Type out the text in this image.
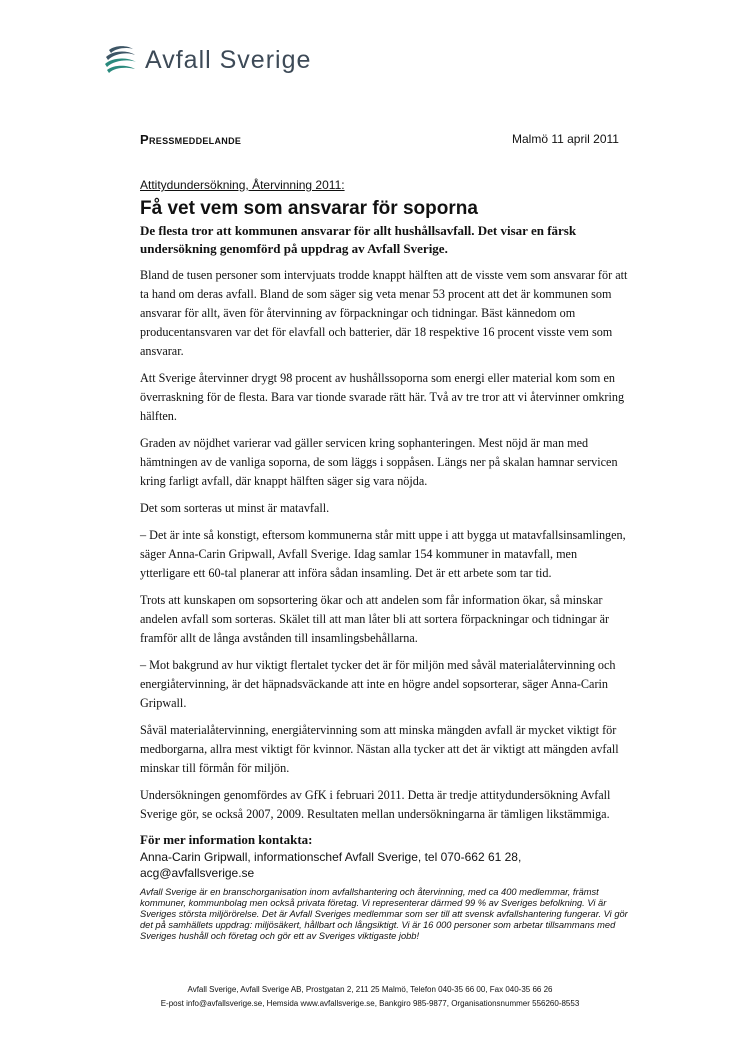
Avfall Sverige
Pressmeddelande	Malmö 11 april 2011

Attitydundersökning, Återvinning 2011:

Få vet vem som ansvarar för soporna

De flesta tror att kommunen ansvarar för allt hushållsavfall. Det visar en färsk undersökning genomförd på uppdrag av Avfall Sverige.

Bland de tusen personer som intervjuats trodde knappt hälften att de visste vem som ansvarar för att ta hand om deras avfall. Bland de som säger sig veta menar 53 procent att det är kommunen som ansvarar för allt, även för återvinning av förpackningar och tidningar. Bäst kännedom om producentansvaren var det för elavfall och batterier, där 18 respektive 16 procent visste vem som ansvarar.

Att Sverige återvinner drygt 98 procent av hushållssoporna som energi eller material kom som en överraskning för de flesta. Bara var tionde svarade rätt här. Två av tre tror att vi återvinner omkring hälften.

Graden av nöjdhet varierar vad gäller servicen kring sophanteringen. Mest nöjd är man med hämtningen av de vanliga soporna, de som läggs i soppåsen. Längs ner på skalan hamnar servicen kring farligt avfall, där knappt hälften säger sig vara nöjda.

Det som sorteras ut minst är matavfall.

– Det är inte så konstigt, eftersom kommunerna står mitt uppe i att bygga ut matavfallsinsamlingen, säger Anna-Carin Gripwall, Avfall Sverige. Idag samlar 154 kommuner in matavfall, men ytterligare ett 60-tal planerar att införa sådan insamling. Det är ett arbete som tar tid.

Trots att kunskapen om sopsortering ökar och att andelen som får information ökar, så minskar andelen avfall som sorteras. Skälet till att man låter bli att sortera förpackningar och tidningar är framför allt de långa avstånden till insamlingsbehållarna.

– Mot bakgrund av hur viktigt flertalet tycker det är för miljön med såväl materialåtervinning och energiåtervinning, är det häpnadsväckande att inte en högre andel sopsorterar, säger Anna-Carin Gripwall.

Såväl materialåtervinning, energiåtervinning som att minska mängden avfall är mycket viktigt för medborgarna, allra mest viktigt för kvinnor. Nästan alla tycker att det är viktigt att mängden avfall minskar till förmån för miljön.

Undersökningen genomfördes av GfK i februari 2011. Detta är tredje attitydundersökning Avfall Sverige gör, se också 2007, 2009. Resultaten mellan undersökningarna är tämligen likstämmiga.

För mer information kontakta:

Anna-Carin Gripwall, informationschef Avfall Sverige, tel 070-662 61 28, acg@avfallsverige.se

Avfall Sverige är en branschorganisation inom avfallshantering och återvinning, med ca 400 medlemmar, främst kommuner, kommunbolag men också privata företag. Vi representerar därmed 99 % av Sveriges befolkning. Vi är Sveriges största miljörörelse. Det är Avfall Sveriges medlemmar som ser till att svensk avfallshantering fungerar. Vi gör det på samhällets uppdrag: miljösäkert, hållbart och långsiktigt. Vi är 16 000 personer som arbetar tillsammans med Sveriges hushåll och företag och gör ett av Sveriges viktigaste jobb!

Avfall Sverige, Avfall Sverige AB, Prostgatan 2, 211 25 Malmö, Telefon 040-35 66 00, Fax 040-35 66 26
E-post info@avfallsverige.se, Hemsida www.avfallsverige.se, Bankgiro 985-9877, Organisationsnummer 556260-8553
